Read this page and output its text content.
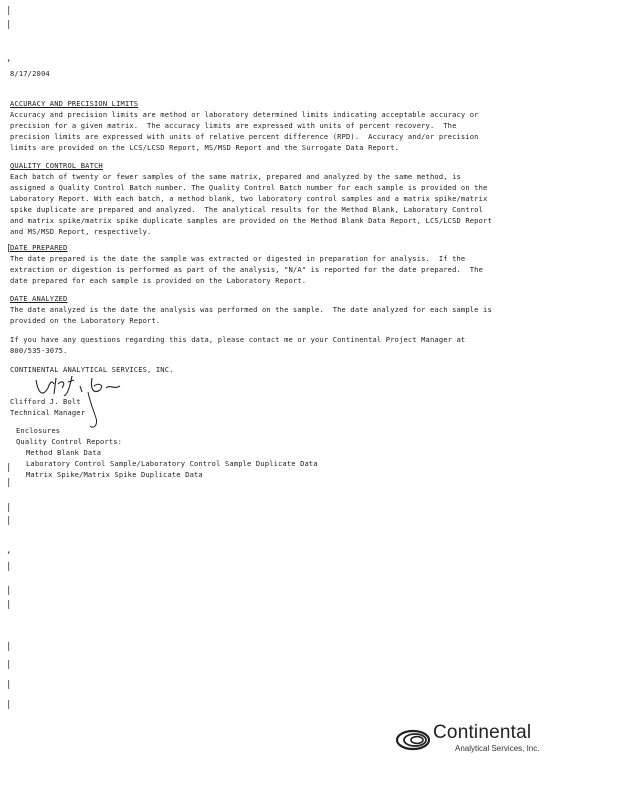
|
|
,
[
|
|
|
|
,
|
|
|
|
|
|
|
8/17/2004
ACCURACY AND PRECISION LIMITS
Accuracy and precision limits are method or laboratory determined limits indicating acceptable accuracy or
precision for a given matrix.  The accuracy limits are expressed with units of percent recovery.  The
precision limits are expressed with units of relative percent difference (RPD).  Accuracy and/or precision
limits are provided on the LCS/LCSD Report, MS/MSD Report and the Surrogate Data Report.
QUALITY CONTROL BATCH
Each batch of twenty or fewer samples of the same matrix, prepared and analyzed by the same method, is
assigned a Quality Control Batch number. The Quality Control Batch number for each sample is provided on the
Laboratory Report. With each batch, a method blank, two laboratory control samples and a matrix spike/matrix
spike duplicate are prepared and analyzed.  The analytical results for the Method Blank, Laboratory Control
and matrix spike/matrix spike duplicate samples are provided on the Method Blank Data Report, LCS/LCSD Report
and MS/MSD Report, respectively.
DATE PREPARED
The date prepared is the date the sample was extracted or digested in preparation for analysis.  If the
extraction or digestion is performed as part of the analysis, "N/A" is reported for the date prepared.  The
date prepared for each sample is provided on the Laboratory Report.
DATE ANALYZED
The date analyzed is the date the analysis was performed on the sample.  The date analyzed for each sample is
provided on the Laboratory Report.
If you have any questions regarding this data, please contact me or your Continental Project Manager at
800/535-3075.
CONTINENTAL ANALYTICAL SERVICES, INC.
Clifford J. Bolt
Technical Manager
Enclosures
Quality Control Reports:
Method Blank Data
Laboratory Control Sample/Laboratory Control Sample Duplicate Data
Matrix Spike/Matrix Spike Duplicate Data
Continental
Analytical Services, Inc.
